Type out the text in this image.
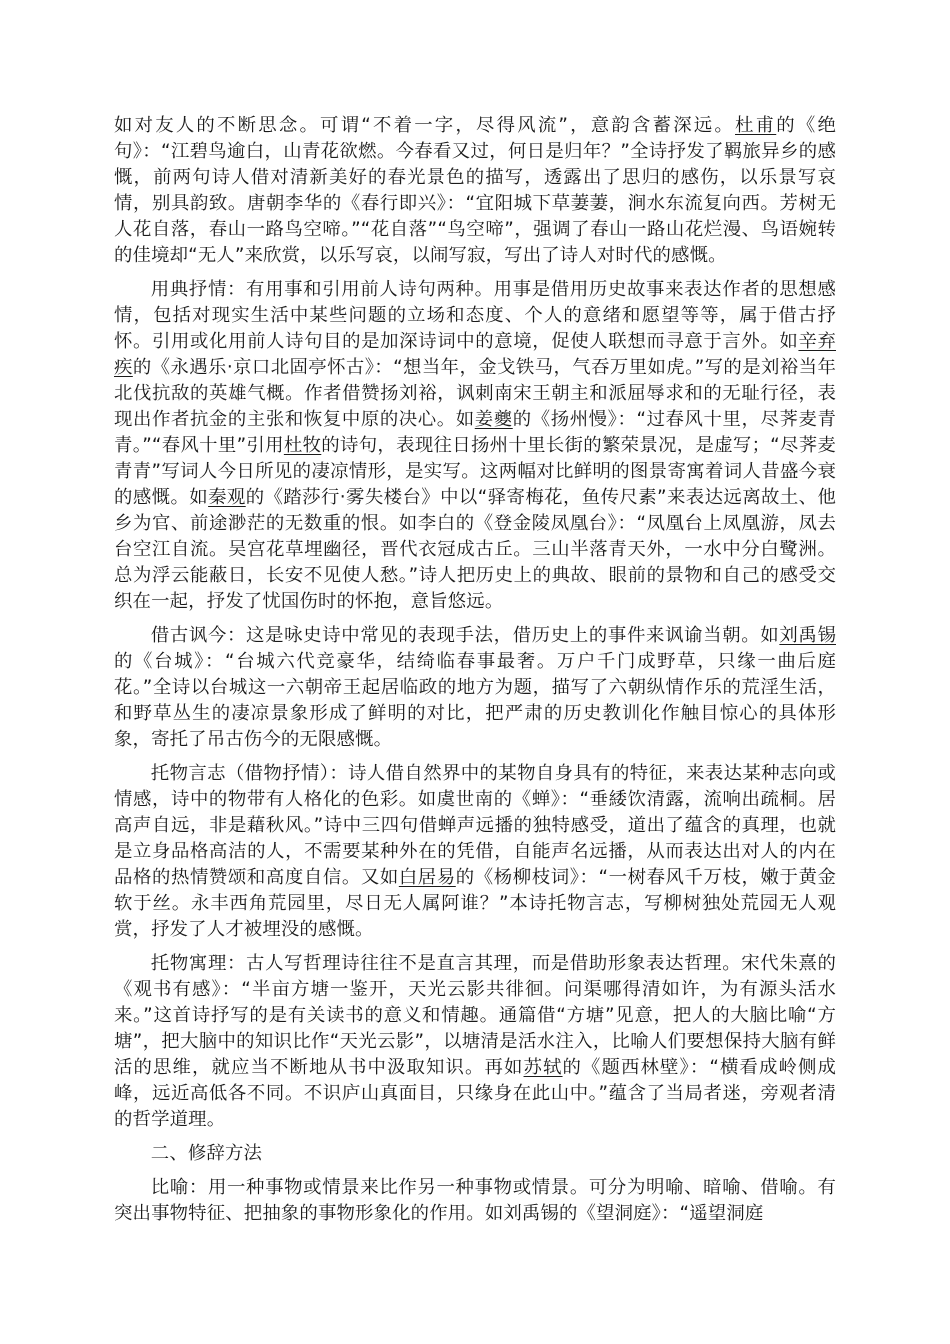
如对友人的不断思念。可谓“不着一字，尽得风流”，意韵含蓄深远。杜甫的《绝句》：“江碧鸟逾白，山青花欲燃。今春看又过，何日是归年？”全诗抒发了羁旅异乡的感慨，前两句诗人借对清新美好的春光景色的描写，透露出了思归的感伤，以乐景写哀情，别具韵致。唐朝李华的《春行即兴》：“宜阳城下草萋萋，涧水东流复向西。芳树无人花自落，春山一路鸟空啼。”“花自落”“鸟空啼”，强调了春山一路山花烂漫、鸟语婉转的佳境却“无人”来欣赏，以乐写哀，以闹写寂，写出了诗人对时代的感慨。

用典抒情：有用事和引用前人诗句两种。用事是借用历史故事来表达作者的思想感情，包括对现实生活中某些问题的立场和态度、个人的意绪和愿望等等，属于借古抒怀。引用或化用前人诗句目的是加深诗词中的意境，促使人联想而寻意于言外。如辛弃疾的《永遇乐·京口北固亭怀古》：“想当年，金戈铁马，气吞万里如虎。”写的是刘裕当年北伐抗敌的英雄气概。作者借赞扬刘裕，讽刺南宋王朝主和派屈辱求和的无耻行径，表现出作者抗金的主张和恢复中原的决心。如姜夔的《扬州慢》：“过春风十里，尽荠麦青青。”“春风十里”引用杜牧的诗句，表现往日扬州十里长街的繁荣景况，是虚写；“尽荠麦青青”写词人今日所见的凄凉情形，是实写。这两幅对比鲜明的图景寄寓着词人昔盛今衰的感慨。如秦观的《踏莎行·雾失楼台》中以“驿寄梅花，鱼传尺素”来表达远离故土、他乡为官、前途渺茫的无数重的恨。如李白的《登金陵凤凰台》：“凤凰台上凤凰游，凤去台空江自流。吴宫花草埋幽径，晋代衣冠成古丘。三山半落青天外，一水中分白鹭洲。总为浮云能蔽日，长安不见使人愁。”诗人把历史上的典故、眼前的景物和自己的感受交织在一起，抒发了忧国伤时的怀抱，意旨悠远。

借古讽今：这是咏史诗中常见的表现手法，借历史上的事件来讽谕当朝。如刘禹锡的《台城》：“台城六代竞豪华，结绮临春事最奢。万户千门成野草，只缘一曲后庭花。”全诗以台城这一六朝帝王起居临政的地方为题，描写了六朝纵情作乐的荒淫生活，和野草丛生的凄凉景象形成了鲜明的对比，把严肃的历史教训化作触目惊心的具体形象，寄托了吊古伤今的无限感慨。

托物言志（借物抒情）：诗人借自然界中的某物自身具有的特征，来表达某种志向或情感，诗中的物带有人格化的色彩。如虞世南的《蝉》：“垂緌饮清露，流响出疏桐。居高声自远，非是藉秋风。”诗中三四句借蝉声远播的独特感受，道出了蕴含的真理，也就是立身品格高洁的人，不需要某种外在的凭借，自能声名远播，从而表达出对人的内在品格的热情赞颂和高度自信。又如白居易的《杨柳枝词》：“一树春风千万枝，嫩于黄金软于丝。永丰西角荒园里，尽日无人属阿谁？”本诗托物言志，写柳树独处荒园无人观赏，抒发了人才被埋没的感慨。

托物寓理：古人写哲理诗往往不是直言其理，而是借助形象表达哲理。宋代朱熹的《观书有感》：“半亩方塘一鉴开，天光云影共徘徊。问渠哪得清如许，为有源头活水来。”这首诗抒写的是有关读书的意义和情趣。通篇借“方塘”见意，把人的大脑比喻“方塘”，把大脑中的知识比作“天光云影”，以塘清是活水注入，比喻人们要想保持大脑有鲜活的思维，就应当不断地从书中汲取知识。再如苏轼的《题西林壁》：“横看成岭侧成峰，远近高低各不同。不识庐山真面目，只缘身在此山中。”蕴含了当局者迷，旁观者清的哲学道理。

二、修辞方法

比喻：用一种事物或情景来比作另一种事物或情景。可分为明喻、暗喻、借喻。有突出事物特征、把抽象的事物形象化的作用。如刘禹锡的《望洞庭》：“遥望洞庭
